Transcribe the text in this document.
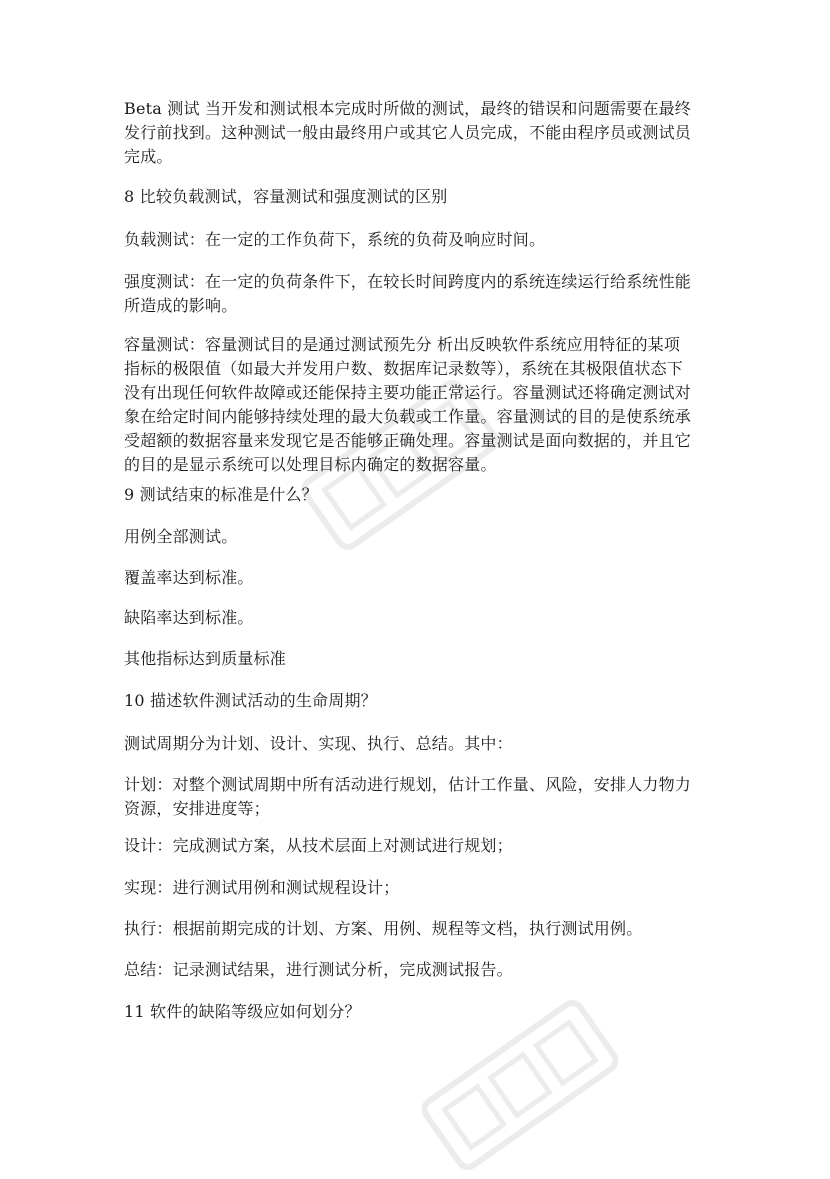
Beta 测试 当开发和测试根本完成时所做的测试，最终的错误和问题需要在最终
发行前找到。这种测试一般由最终用户或其它人员完成，不能由程序员或测试员
完成。

8 比较负载测试，容量测试和强度测试的区别

负载测试：在一定的工作负荷下，系统的负荷及响应时间。

强度测试：在一定的负荷条件下，在较长时间跨度内的系统连续运行给系统性能
所造成的影响。

容量测试：容量测试目的是通过测试预先分 析出反映软件系统应用特征的某项
指标的极限值（如最大并发用户数、数据库记录数等），系统在其极限值状态下
没有出现任何软件故障或还能保持主要功能正常运行。容量测试还将确定测试对
象在给定时间内能够持续处理的最大负载或工作量。容量测试的目的是使系统承
受超额的数据容量来发现它是否能够正确处理。容量测试是面向数据的，并且它
的目的是显示系统可以处理目标内确定的数据容量。

9 测试结束的标准是什么？

用例全部测试。

覆盖率达到标准。

缺陷率达到标准。

其他指标达到质量标准

10 描述软件测试活动的生命周期？

测试周期分为计划、设计、实现、执行、总结。其中：

计划：对整个测试周期中所有活动进行规划，估计工作量、风险，安排人力物力
资源，安排进度等；

设计：完成测试方案，从技术层面上对测试进行规划；

实现：进行测试用例和测试规程设计；

执行：根据前期完成的计划、方案、用例、规程等文档，执行测试用例。

总结：记录测试结果，进行测试分析，完成测试报告。

11 软件的缺陷等级应如何划分？
